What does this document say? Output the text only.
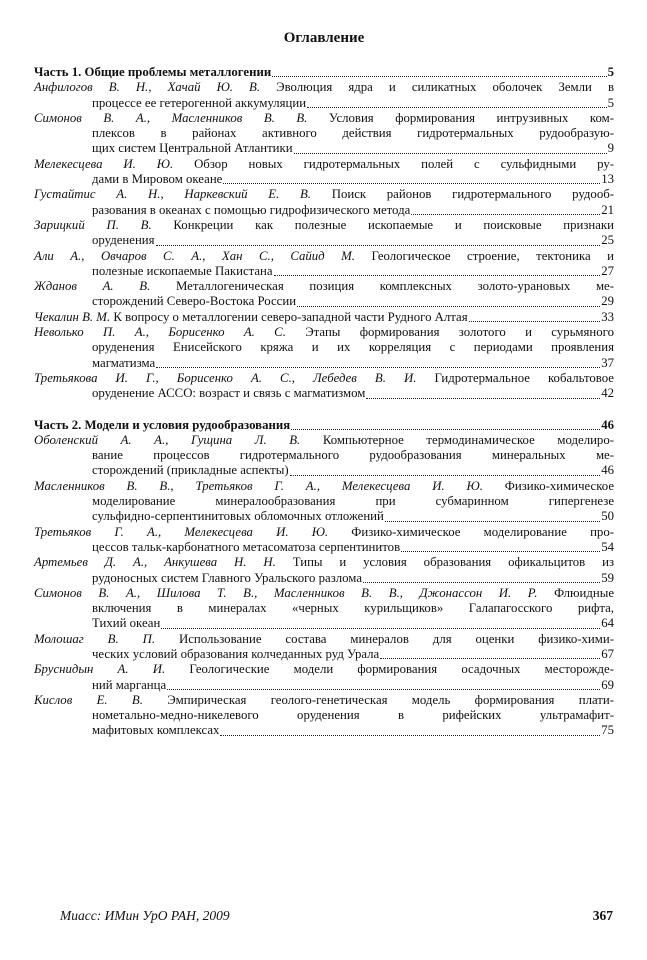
Оглавление
Часть 1. Общие проблемы металлогении	5
Анфилогов В. Н., Хачай Ю. В. Эволюция ядра и силикатных оболочек Земли в
процессе ее гетерогенной аккумуляции	5
Симонов В. А., Масленников В. В. Условия формирования интрузивных ком-
плексов в районах активного действия гидротермальных рудообразую-
щих систем Центральной Атлантики	9
Мелекесцева И. Ю. Обзор новых гидротермальных полей с сульфидными ру-
дами в Мировом океане	13
Густайтис А. Н., Наркевский Е. В. Поиск районов гидротермального рудооб-
разования в океанах с помощью гидрофизического метода	21
Зарицкий П. В. Конкреции как полезные ископаемые и поисковые признаки
оруденения	25
Али А., Овчаров С. А., Хан С., Сайид М. Геологическое строение, тектоника и
полезные ископаемые Пакистана	27
Жданов А. В. Металлогеническая позиция комплексных золото-урановых ме-
сторождений Северо-Востока России	29
Чекалин В. М. К вопросу о металлогении северо-западной части Рудного Алтая	33
Неволько П. А., Борисенко А. С. Этапы формирования золотого и сурьмяного
оруденения Енисейского кряжа и их корреляция с периодами проявления
магматизма	37
Третьякова И. Г., Борисенко А. С., Лебедев В. И. Гидротермальное кобальтовое
оруденение АССО: возраст и связь с магматизмом	42
Часть 2. Модели и условия рудообразования	46
Оболенский А. А., Гущина Л. В. Компьютерное термодинамическое моделиро-
вание процессов гидротермального рудообразования минеральных ме-
сторождений (прикладные аспекты)	46
Масленников В. В., Третьяков Г. А., Мелекесцева И. Ю. Физико-химическое
моделирование минералообразования при субмаринном гипергенезе
сульфидно-серпентинитовых обломочных отложений	50
Третьяков Г. А., Мелекесцева И. Ю. Физико-химическое моделирование про-
цессов тальк-карбонатного метасоматоза серпентинитов	54
Артемьев Д. А., Анкушева Н. Н. Типы и условия образования офикальцитов из
рудоносных систем Главного Уральского разлома	59
Симонов В. А., Шилова Т. В., Масленников В. В., Джонассон И. Р. Флюидные
включения в минералах «черных курильщиков» Галапагосского рифта,
Тихий океан	64
Молошаг В. П. Использование состава минералов для оценки физико-хими-
ческих условий образования колчеданных руд Урала	67
Бруснидын А. И. Геологические модели формирования осадочных месторожде-
ний марганца	69
Кислов Е. В. Эмпирическая геолого-генетическая модель формирования плати-
нометально-медно-никелевого оруденения в рифейских ультрамафит-
мафитовых комплексах	75
Миасс: ИМин УрО РАН, 2009	367
